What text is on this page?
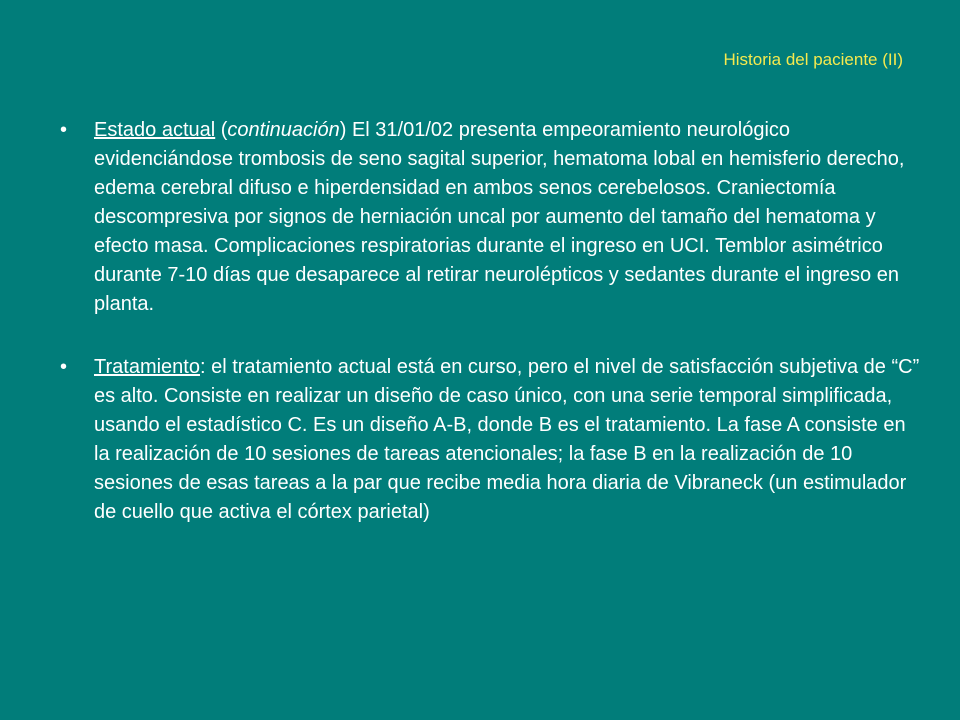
Historia del paciente (II)
• Estado actual (continuación) El 31/01/02 presenta empeoramiento neurológico evidenciándose trombosis de seno sagital superior, hematoma lobal en hemisferio derecho, edema cerebral difuso e hiperdensidad en ambos senos cerebelosos. Craniectomía descompresiva por signos de herniación uncal por aumento del tamaño del hematoma y efecto masa. Complicaciones respiratorias durante el ingreso en UCI. Temblor asimétrico durante 7-10 días que desaparece al retirar neurolépticos y sedantes durante el ingreso en planta.
• Tratamiento: el tratamiento actual está en curso, pero el nivel de satisfacción subjetiva de “C” es alto. Consiste en realizar un diseño de caso único, con una serie temporal simplificada, usando el estadístico C. Es un diseño A-B, donde B es el tratamiento. La fase A consiste en la realización de 10 sesiones de tareas atencionales; la fase B en la realización de 10 sesiones de esas tareas a la par que recibe media hora diaria de Vibraneck (un estimulador de cuello que activa el córtex parietal)
